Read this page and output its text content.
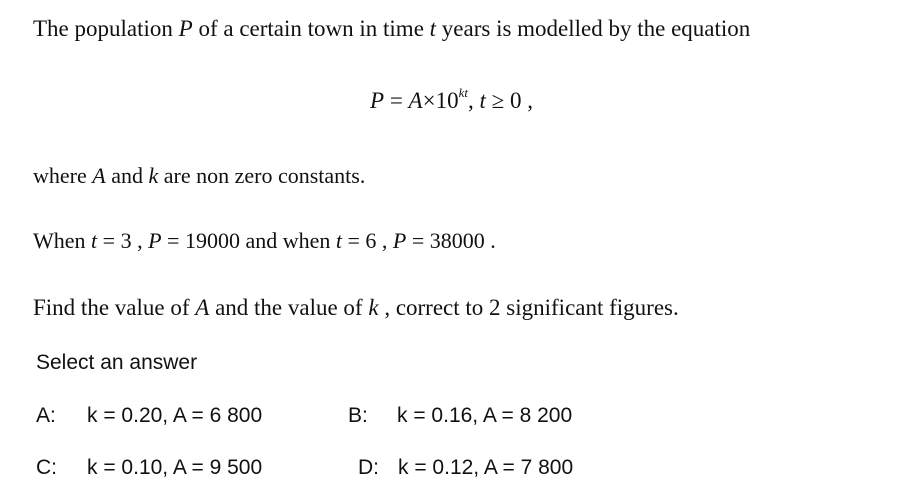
The population P of a certain town in time t years is modelled by the equation
$P = A\times 10^{kt}$, t ≥ 0 ,
where A and k are non zero constants.
When t = 3 , P = 19000 and when t = 6 , P = 38000 .
Find the value of A and the value of k , correct to 2 significant figures.
Select an answer
A: k = 0.20, A = 6 800	B: k = 0.16, A = 8 200
C: k = 0.10, A = 9 500	D: k = 0.12, A = 7 800
